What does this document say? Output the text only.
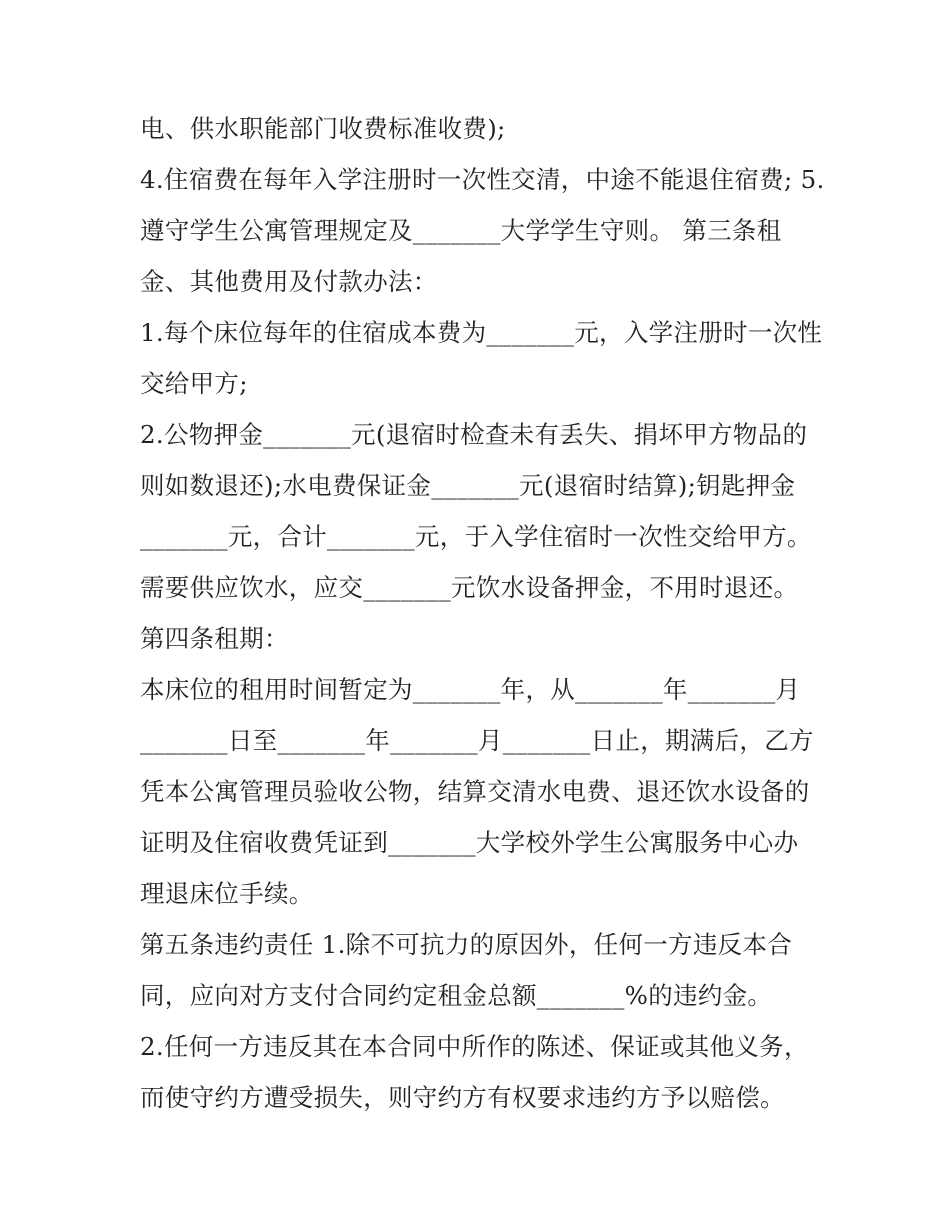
电、供水职能部门收费标准收费);
4.住宿费在每年入学注册时一次性交清，中途不能退住宿费; 5.
遵守学生公寓管理规定及_______大学学生守则。 第三条租
金、其他费用及付款办法：
1.每个床位每年的住宿成本费为_______元，入学注册时一次性
交给甲方;
2.公物押金_______元(退宿时检查未有丢失、捐坏甲方物品的
则如数退还);水电费保证金_______元(退宿时结算);钥匙押金
_______元，合计_______元，于入学住宿时一次性交给甲方。
需要供应饮水，应交_______元饮水设备押金，不用时退还。
第四条租期：
本床位的租用时间暂定为_______年，从_______年_______月
_______日至_______年_______月_______日止，期满后，乙方
凭本公寓管理员验收公物，结算交清水电费、退还饮水设备的
证明及住宿收费凭证到_______大学校外学生公寓服务中心办
理退床位手续。
第五条违约责任 1.除不可抗力的原因外，任何一方违反本合
同，应向对方支付合同约定租金总额_______%的违约金。
2.任何一方违反其在本合同中所作的陈述、保证或其他义务，
而使守约方遭受损失，则守约方有权要求违约方予以赔偿。
